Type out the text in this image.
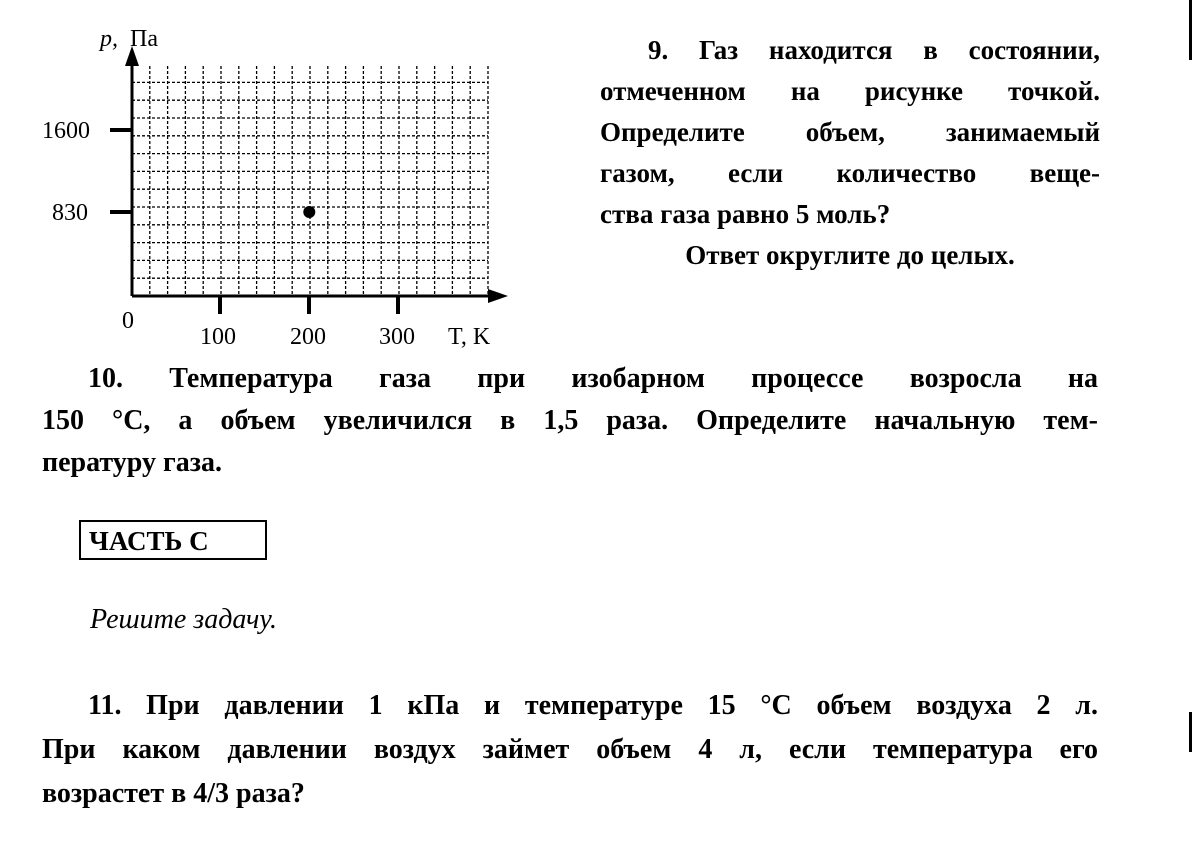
p, Па
1600
830
100 200 300 T, K
0
9. Газ находится в состоянии,
отмеченном на рисунке точкой.
Определите объем, занимаемый
газом, если количество веще-
ства газа равно 5 моль?
Ответ округлите до целых.
10. Температура газа при изобарном процессе возросла на
150 °С, а объем увеличился в 1,5 раза. Определите начальную тем-
пературу газа.
ЧАСТЬ С
Решите задачу.
11. При давлении 1 кПа и температуре 15 °С объем воздуха 2 л.
При каком давлении воздух займет объем 4 л, если температура его
возрастет в 4/3 раза?
